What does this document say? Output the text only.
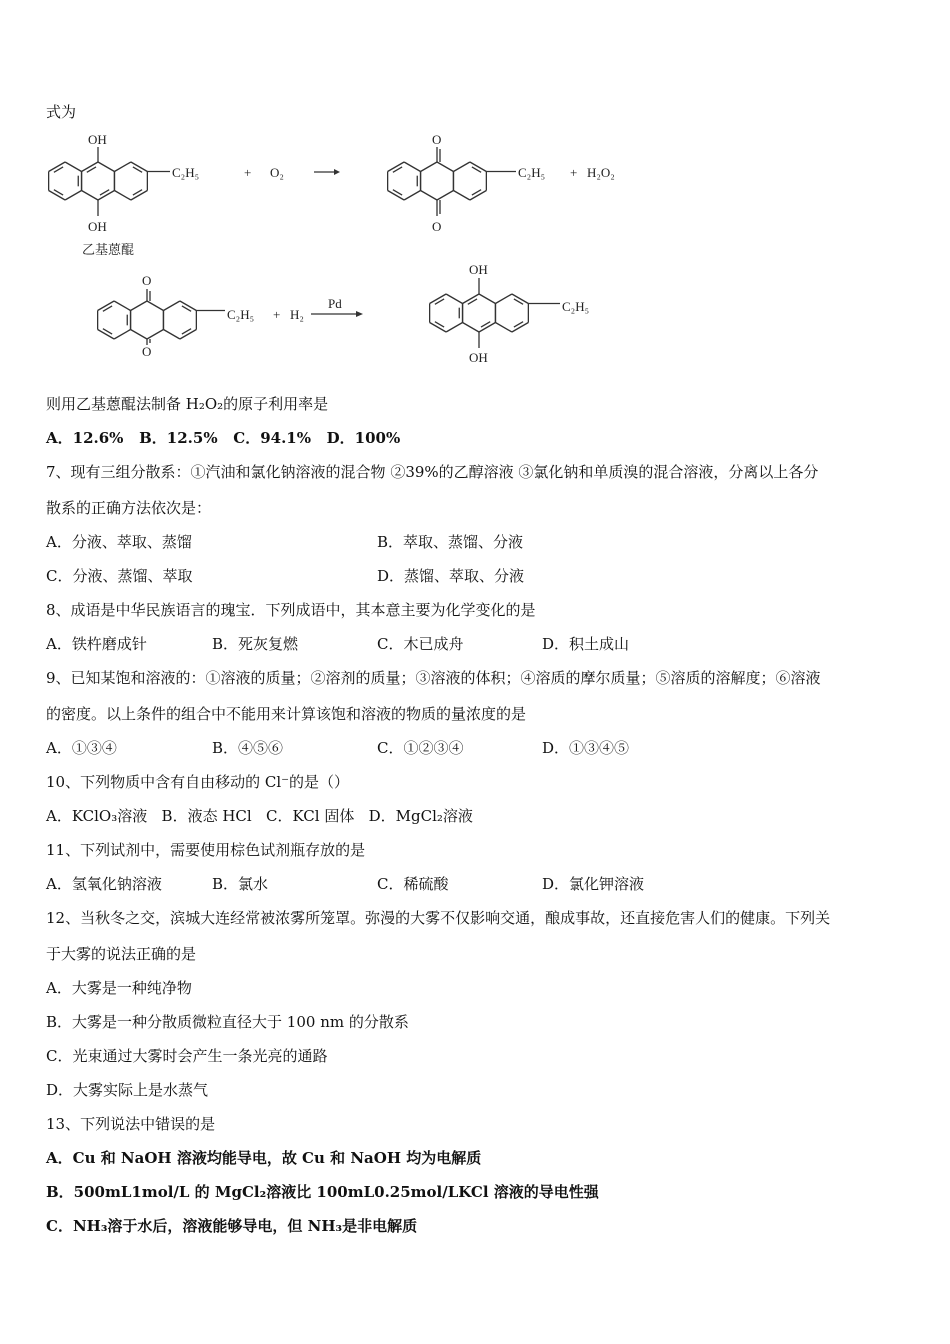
式为
OH
OH
C₂H₅	+ O₂
O
O
C₂H₅ + H₂O₂
乙基蒽醌
O
O
C₂H₅ + H₂
Pd
OH
OH
C₂H₅
则用乙基蒽醌法制备 H₂O₂的原子利用率是
A．12.6% B．12.5% C．94.1% D．100%
7、现有三组分散系：①汽油和氯化钠溶液的混合物 ②39%的乙醇溶液 ③氯化钠和单质溴的混合溶液，分离以上各分
散系的正确方法依次是：
A．分液、萃取、蒸馏	B．萃取、蒸馏、分液
C．分液、蒸馏、萃取	D．蒸馏、萃取、分液
8、成语是中华民族语言的瑰宝．下列成语中，其本意主要为化学变化的是
A．铁杵磨成针	B．死灰复燃	C．木已成舟	D．积土成山
9、已知某饱和溶液的：①溶液的质量；②溶剂的质量；③溶液的体积；④溶质的摩尔质量；⑤溶质的溶解度；⑥溶液
的密度。以上条件的组合中不能用来计算该饱和溶液的物质的量浓度的是
A．①③④	B．④⑤⑥	C．①②③④	D．①③④⑤
10、下列物质中含有自由移动的 Cl⁻的是（）
A．KClO₃溶液 B．液态 HCl C．KCl 固体 D．MgCl₂溶液
11、下列试剂中，需要使用棕色试剂瓶存放的是
A．氢氧化钠溶液	B．氯水	C．稀硫酸	D．氯化钾溶液
12、当秋冬之交，滨城大连经常被浓雾所笼罩。弥漫的大雾不仅影响交通，酿成事故，还直接危害人们的健康。下列关
于大雾的说法正确的是
A．大雾是一种纯净物
B．大雾是一种分散质微粒直径大于 100 nm 的分散系
C．光束通过大雾时会产生一条光亮的通路
D．大雾实际上是水蒸气
13、下列说法中错误的是
A．Cu 和 NaOH 溶液均能导电，故 Cu 和 NaOH 均为电解质
B．500mL1mol/L 的 MgCl₂溶液比 100mL0.25mol/LKCl 溶液的导电性强
C．NH₃溶于水后，溶液能够导电，但 NH₃是非电解质
